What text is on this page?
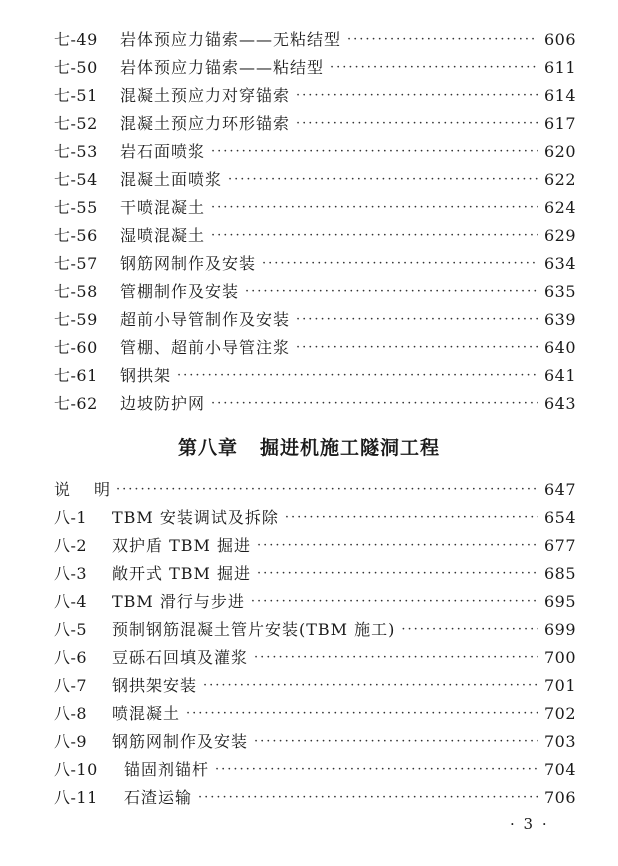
七-49	岩体预应力锚索——无粘结型 ·····	606
七-50	岩体预应力锚索——粘结型 ·····	611
七-51	混凝土预应力对穿锚索 ·····	614
七-52	混凝土预应力环形锚索 ·····	617
七-53	岩石面喷浆 ·····	620
七-54	混凝土面喷浆 ·····	622
七-55	干喷混凝土 ·····	624
七-56	湿喷混凝土 ·····	629
七-57	钢筋网制作及安装 ·····	634
七-58	管棚制作及安装 ·····	635
七-59	超前小导管制作及安装 ·····	639
七-60	管棚、超前小导管注浆 ·····	640
七-61	钢拱架 ·····	641
七-62	边坡防护网 ·····	643
第八章 掘进机施工隧洞工程
说　明 ·····	647
八-1	TBM 安装调试及拆除 ·····	654
八-2	双护盾 TBM 掘进 ·····	677
八-3	敞开式 TBM 掘进 ·····	685
八-4	TBM 滑行与步进 ·····	695
八-5	预制钢筋混凝土管片安装(TBM 施工) ·····	699
八-6	豆砾石回填及灌浆 ·····	700
八-7	钢拱架安装 ·····	701
八-8	喷混凝土 ·····	702
八-9	钢筋网制作及安装 ·····	703
八-10	锚固剂锚杆 ·····	704
八-11	石渣运输 ·····	706
· 3 ·
